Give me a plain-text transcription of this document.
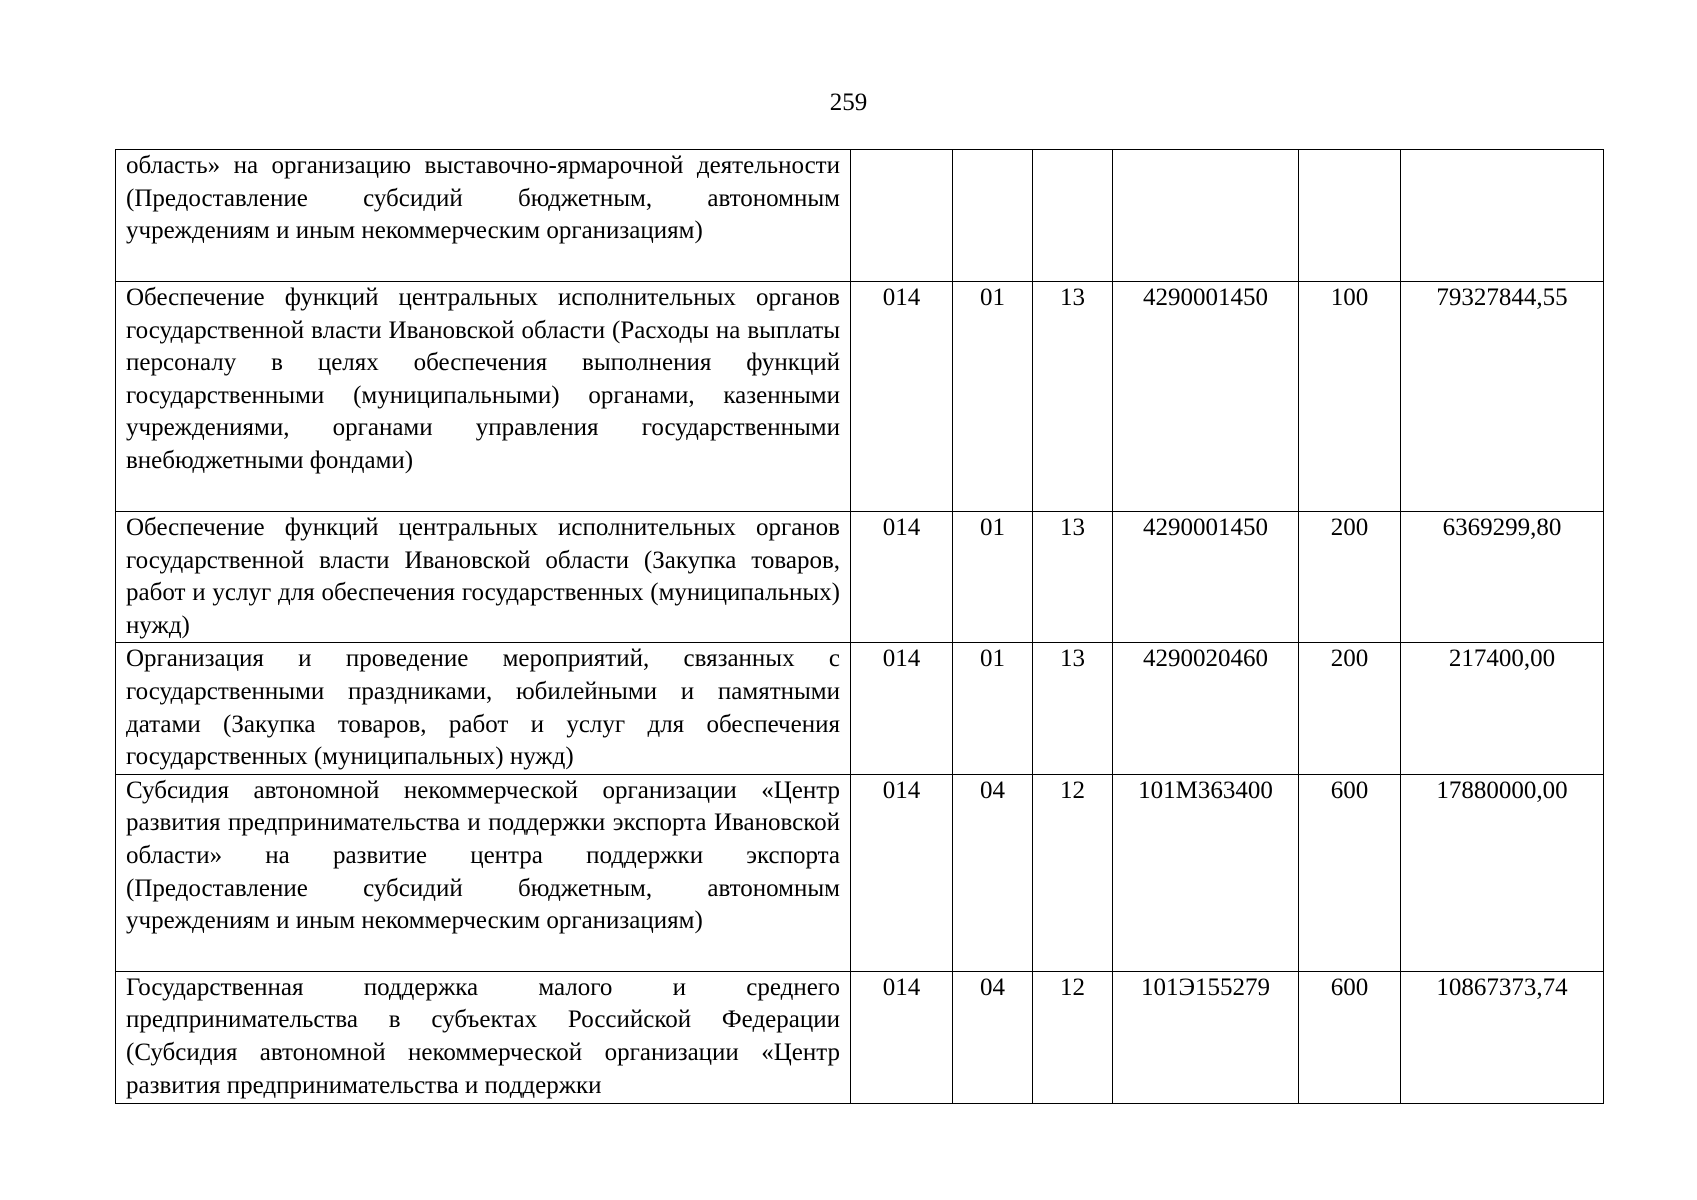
259
область» на организацию выставочно-ярмарочной деятельности (Предоставление субсидий бюджетным, автономным учреждениям и иным некоммерческим организациям)						
Обеспечение функций центральных исполнительных органов государственной власти Ивановской области (Расходы на выплаты персоналу в целях обеспечения выполнения функций государственными (муниципальными) органами, казенными учреждениями, органами управления государственными внебюджетными фондами)	014	01	13	4290001450	100	79327844,55
Обеспечение функций центральных исполнительных органов государственной власти Ивановской области (Закупка товаров, работ и услуг для обеспечения государственных (муниципальных) нужд)	014	01	13	4290001450	200	6369299,80
Организация и проведение мероприятий, связанных с государственными праздниками, юбилейными и памятными датами (Закупка товаров, работ и услуг для обеспечения государственных (муниципальных) нужд)	014	01	13	4290020460	200	217400,00
Субсидия автономной некоммерческой организации «Центр развития предпринимательства и поддержки экспорта Ивановской области» на развитие центра поддержки экспорта (Предоставление субсидий бюджетным, автономным учреждениям и иным некоммерческим организациям)	014	04	12	101M363400	600	17880000,00
Государственная поддержка малого и среднего предпринимательства в субъектах Российской Федерации (Субсидия автономной некоммерческой организации «Центр развития предпринимательства и поддержки	014	04	12	101Э155279	600	10867373,74
